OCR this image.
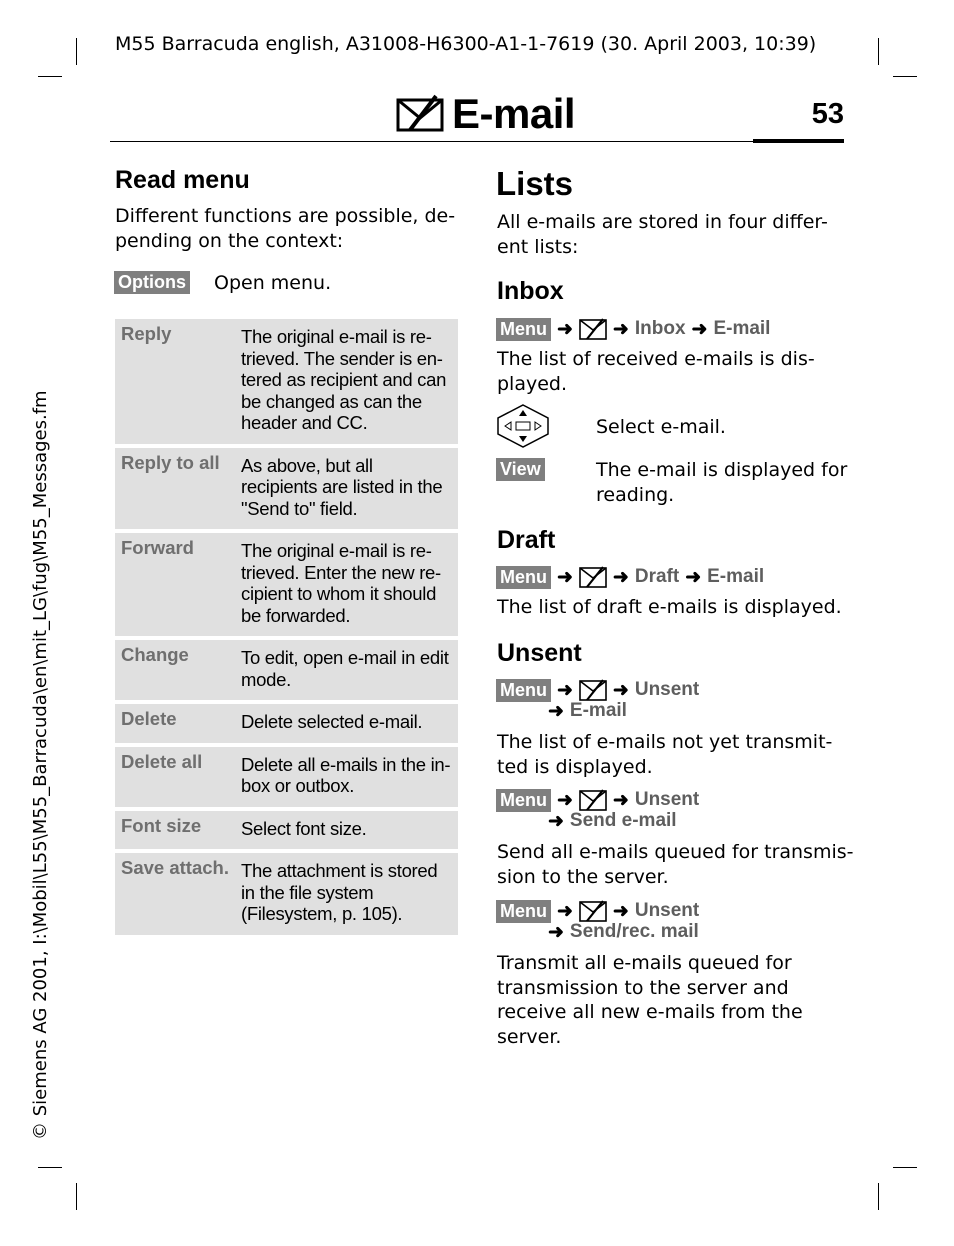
M55 Barracuda english, A31008-H6300-A1-1-7619 (30. April 2003, 10:39)
E-mail	53
© Siemens AG 2001, I:\Mobil\L55\M55_Barracuda\en\mit_LG\fug\M55_Messages.fm
Read menu
Different functions are possible, de-
pending on the context:
Options Open menu.
Reply	The original e-mail is re-trieved. The sender is en-tered as recipient and can be changed as can the header and CC.
Reply to all	As above, but all recipients are listed in the "Send to" field.
Forward	The original e-mail is re-trieved. Enter the new re-cipient to whom it should be forwarded.
Change	To edit, open e-mail in edit mode.
Delete	Delete selected e-mail.
Delete all	Delete all e-mails in the in-box or outbox.
Font size	Select font size.
Save attach.	The attachment is stored in the file system (Filesystem, p. 105).
Lists
All e-mails are stored in four differ-
ent lists:
Inbox
Menu ➜ ➜ Inbox ➜ E-mail
The list of received e-mails is dis-
played.
Select e-mail.
View	The e-mail is displayed for
reading.
Draft
Menu ➜ ➜ Draft ➜ E-mail
The list of draft e-mails is displayed.
Unsent
Menu ➜ ➜ Unsent
➜ E-mail
The list of e-mails not yet transmit-
ted is displayed.
Menu ➜ ➜ Unsent
➜ Send e-mail
Send all e-mails queued for transmis-
sion to the server.
Menu ➜ ➜ Unsent
➜ Send/rec. mail
Transmit all e-mails queued for
transmission to the server and
receive all new e-mails from the
server.
